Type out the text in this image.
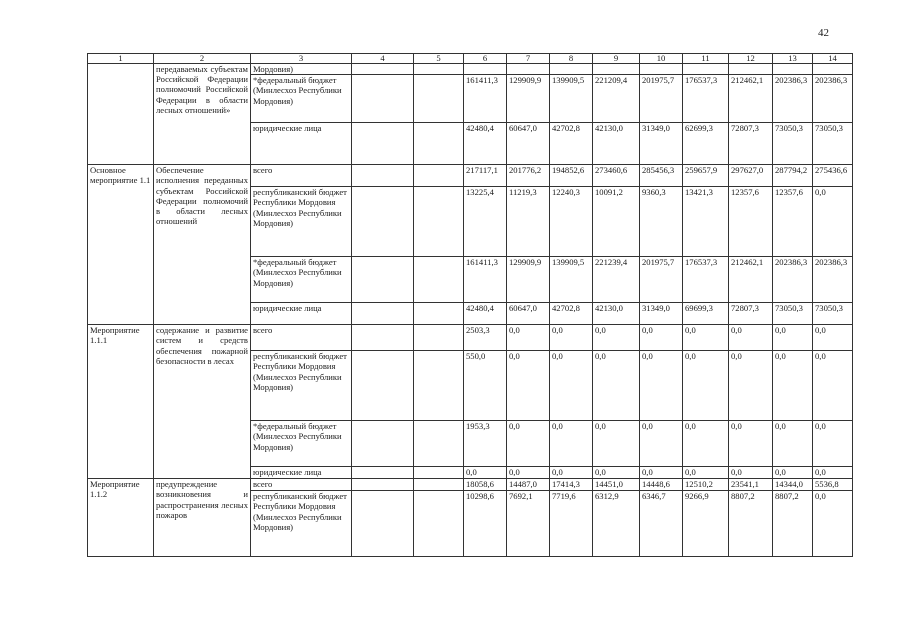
42
1	2	3	4	5	6	7	8	9	10	11	12	13	14
	передаваемых субъектам Российской Федерации полномочий Российской Федерации в области лесных отношений»	Мордовия)											
		*федеральный бюджет (Минлесхоз Республики Мордовия)			161411,3	129909,9	139909,5	221209,4	201975,7	176537,3	212462,1	202386,3	202386,3
		юридические лица			42480,4	60647,0	42702,8	42130,0	31349,0	62699,3	72807,3	73050,3	73050,3
Основное мероприятие 1.1	Обеспечение исполнения переданных субъектам Российской Федерации полномочий в области лесных отношений	всего			217117,1	201776,2	194852,6	273460,6	285456,3	259657,9	297627,0	287794,2	275436,6
		республиканский бюджет Республики Мордовия (Минлесхоз Республики Мордовия)			13225,4	11219,3	12240,3	10091,2	9360,3	13421,3	12357,6	12357,6	0,0
		*федеральный бюджет (Минлесхоз Республики Мордовия)			161411,3	129909,9	139909,5	221239,4	201975,7	176537,3	212462,1	202386,3	202386,3
		юридические лица			42480,4	60647,0	42702,8	42130,0	31349,0	69699,3	72807,3	73050,3	73050,3
Мероприятие 1.1.1	содержание и развитие систем и средств обеспечения пожарной безопасности в лесах	всего			2503,3	0,0	0,0	0,0	0,0	0,0	0,0	0,0	0,0
		республиканский бюджет Республики Мордовия (Минлесхоз Республики Мордовия)			550,0	0,0	0,0	0,0	0,0	0,0	0,0	0,0	0,0
		*федеральный бюджет (Минлесхоз Республики Мордовия)			1953,3	0,0	0,0	0,0	0,0	0,0	0,0	0,0	0,0
		юридические лица			0,0	0,0	0,0	0,0	0,0	0,0	0,0	0,0	0,0
Мероприятие 1.1.2	предупреждение возникновения и распространения лесных пожаров	всего			18058,6	14487,0	17414,3	14451,0	14448,6	12510,2	23541,1	14344,0	5536,8
		республиканский бюджет Республики Мордовия (Минлесхоз Республики Мордовия)			10298,6	7692,1	7719,6	6312,9	6346,7	9266,9	8807,2	8807,2	0,0
